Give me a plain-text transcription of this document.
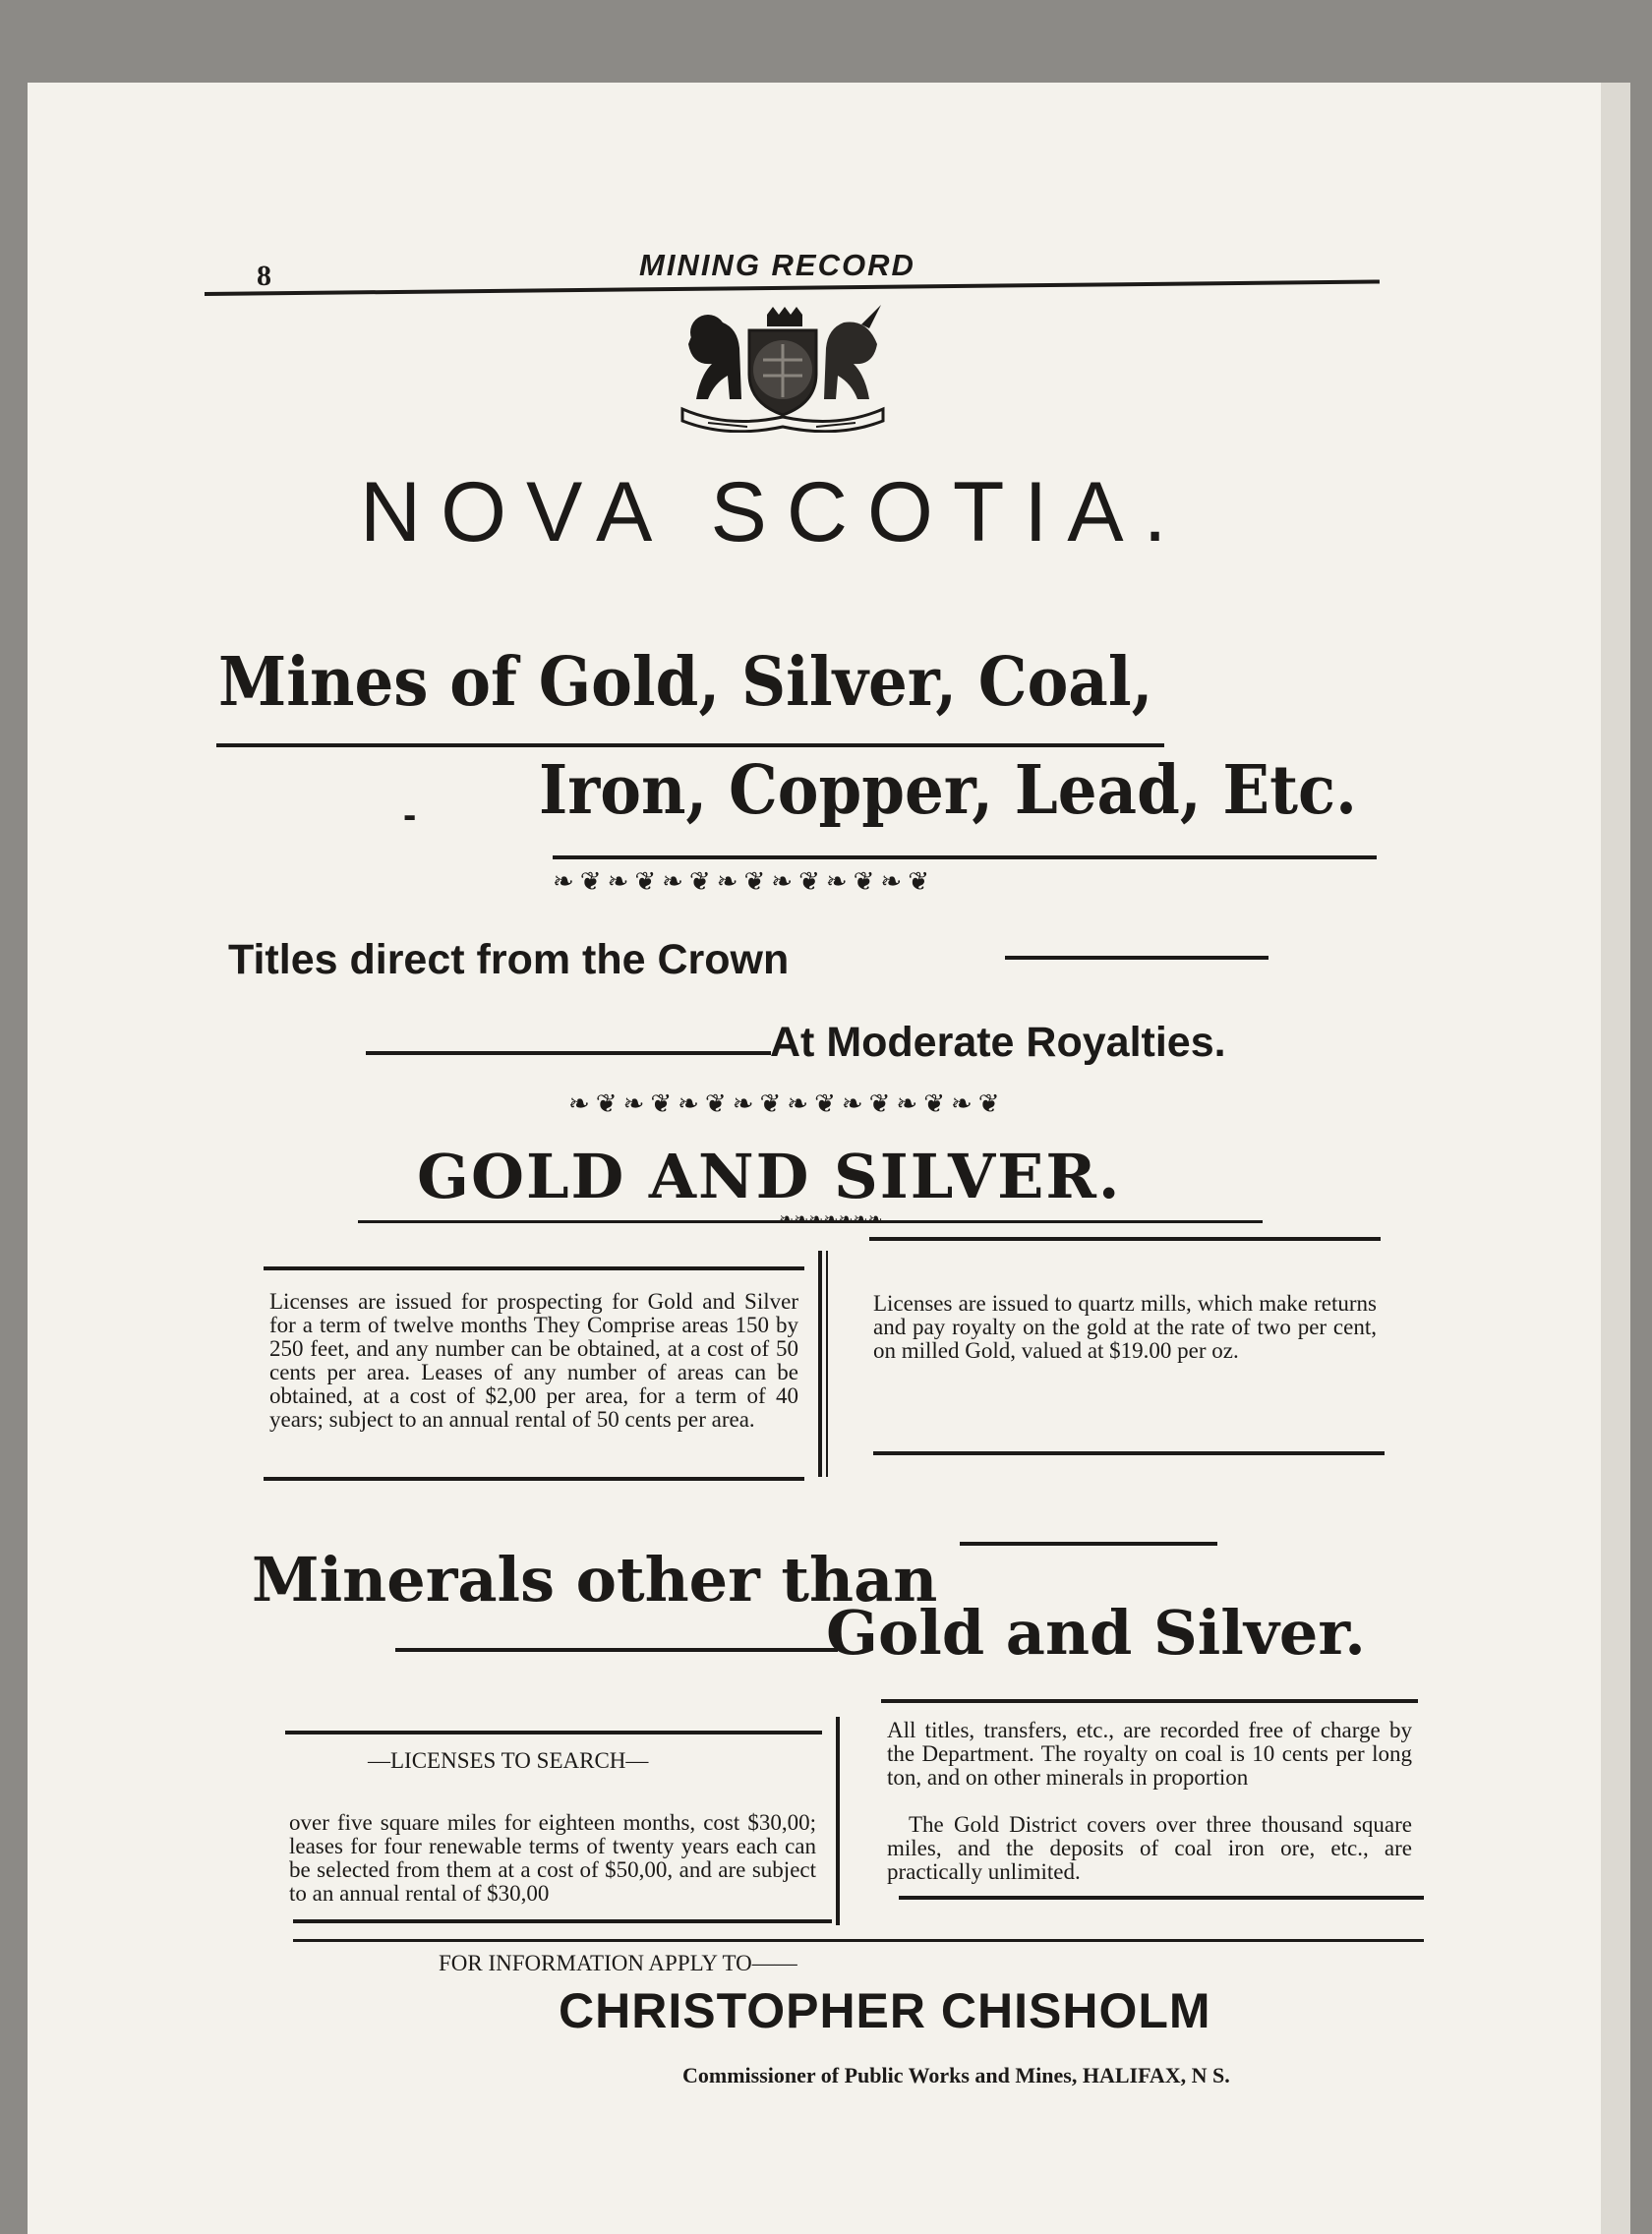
8	MINING RECORD
NOVA SCOTIA.
Mines of Gold, Silver, Coal,
- Iron, Copper, Lead, Etc.
❧❦❧❦❧❦❧❦❧❦❧❦❧❦
Titles direct from the Crown
At Moderate Royalties.
❧❦❧❦❧❦❧❦❧❦❧❦❧❦❧❦
GOLD AND SILVER.
—❧❧❧❧❧❧❧—
Licenses are issued for prospecting for Gold and Silver for a term of twelve months They Comprise areas 150 by 250 feet, and any number can be obtained, at a cost of 50 cents per area. Leases of any number of areas can be obtained, at a cost of $2,00 per area, for a term of 40 years; subject to an annual rental of 50 cents per area.
Licenses are issued to quartz mills, which make returns and pay royalty on the gold at the rate of two per cent, on milled Gold, valued at $19.00 per oz.
Minerals other than
Gold and Silver.
—LICENSES TO SEARCH—
over five square miles for eighteen months, cost $30,00; leases for four renewable terms of twenty years each can be selected from them at a cost of $50,00, and are subject to an annual rental of $30,00
All titles, transfers, etc., are recorded free of charge by the Department. The royalty on coal is 10 cents per long ton, and on other minerals in proportion
The Gold District covers over three thousand square miles, and the deposits of coal iron ore, etc., are practically unlimited.
FOR INFORMATION APPLY TO——
CHRISTOPHER CHISHOLM
Commissioner of Public Works and Mines, HALIFAX, N S.
